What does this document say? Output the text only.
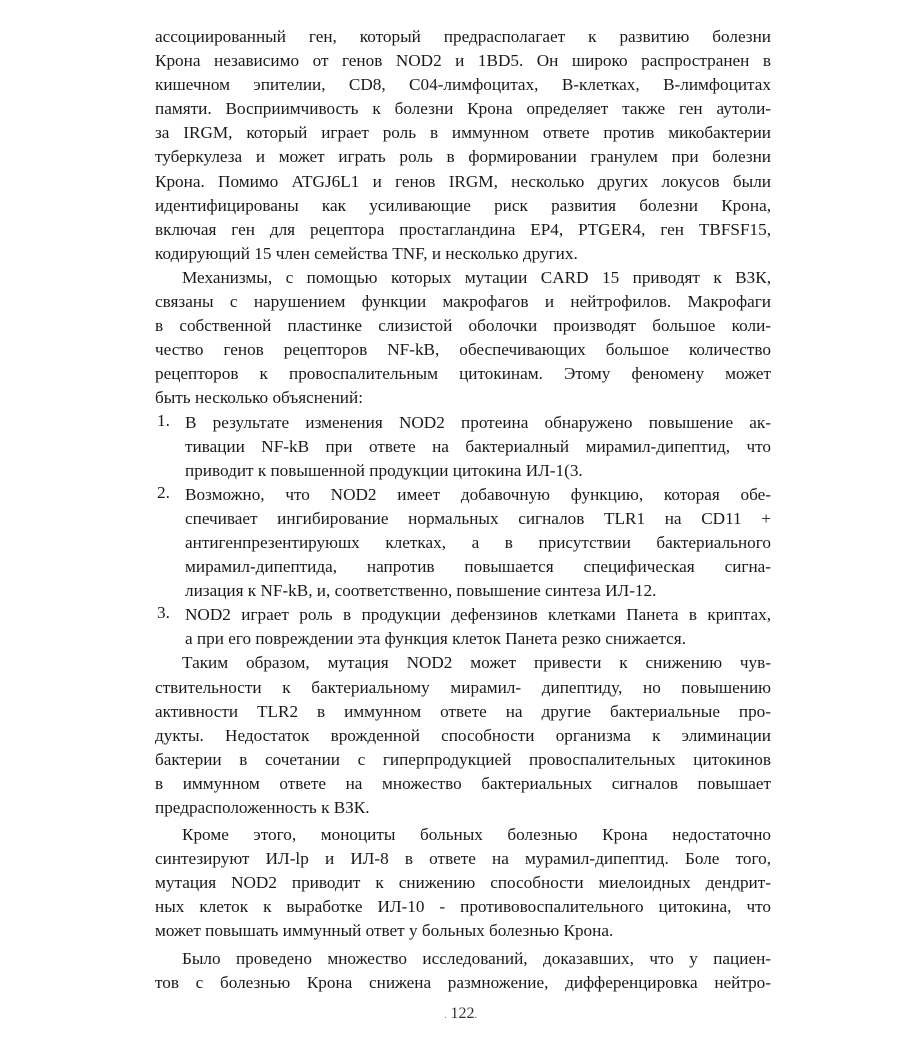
ассоциированный ген, который предрасполагает к развитию болезни
Крона независимо от генов NOD2 и 1BD5. Он широко распространен в
кишечном эпителии, CD8, С04-лимфоцитах, В-клетках, В-лимфоцитах
памяти. Восприимчивость к болезни Крона определяет также ген аутоли-
за IRGM, который играет роль в иммунном ответе против микобактерии
туберкулеза и может играть роль в формировании гранулем при болезни
Крона. Помимо ATGJ6L1 и генов IRGM, несколько других локусов были
идентифицированы как усиливающие риск развития болезни Крона,
включая ген для рецептора простагландина ЕР4, PTGER4, ген TBFSF15,
кодирующий 15 член семейства TNF, и несколько других.
Механизмы, с помощью которых мутации CARD 15 приводят к ВЗК,
связаны с нарушением функции макрофагов и нейтрофилов. Макрофаги
в собственной пластинке слизистой оболочки производят большое коли-
чество генов рецепторов NF-kB, обеспечивающих большое количество
рецепторов к провоспалительным цитокинам. Этому феномену может
быть несколько объяснений:
1. В результате изменения NOD2 протеина обнаружено повышение ак-
тивации NF-kB при ответе на бактериалный мирамил-дипептид, что
приводит к повышенной продукции цитокина ИЛ-1(3.
2. Возможно, что NOD2 имеет добавочную функцию, которая обе-
спечивает ингибирование нормальных сигналов TLR1 на CD11 +
антигенпрезентируюшх клетках, а в присутствии бактериального
мирамил-дипептида, напротив повышается специфическая сигна-
лизация к NF-kB, и, соответственно, повышение синтеза ИЛ-12.
3. NOD2 играет роль в продукции дефензинов клетками Панета в криптах,
а при его повреждении эта функция клеток Панета резко снижается.
Таким образом, мутация NOD2 может привести к снижению чув-
ствительности к бактериальному мирамил- дипептиду, но повышению
активности TLR2 в иммунном ответе на другие бактериальные про-
дукты. Недостаток врожденной способности организма к элиминации
бактерии в сочетании с гиперпродукцией провоспалительных цитокинов
в иммунном ответе на множество бактериальных сигналов повышает
предрасположенность к ВЗК.
Кроме этого, моноциты больных болезнью Крона недостаточно
синтезируют ИЛ-lp и ИЛ-8 в ответе на мурамил-дипептид. Боле того,
мутация NOD2 приводит к снижению способности миелоидных дендрит-
ных клеток к выработке ИЛ-10 - противовоспалительного цитокина, что
может повышать иммунный ответ у больных болезнью Крона.
Было проведено множество исследований, доказавших, что у пациен-
тов с болезнью Крона снижена размножение, дифференцировка нейтро-
. 122.
